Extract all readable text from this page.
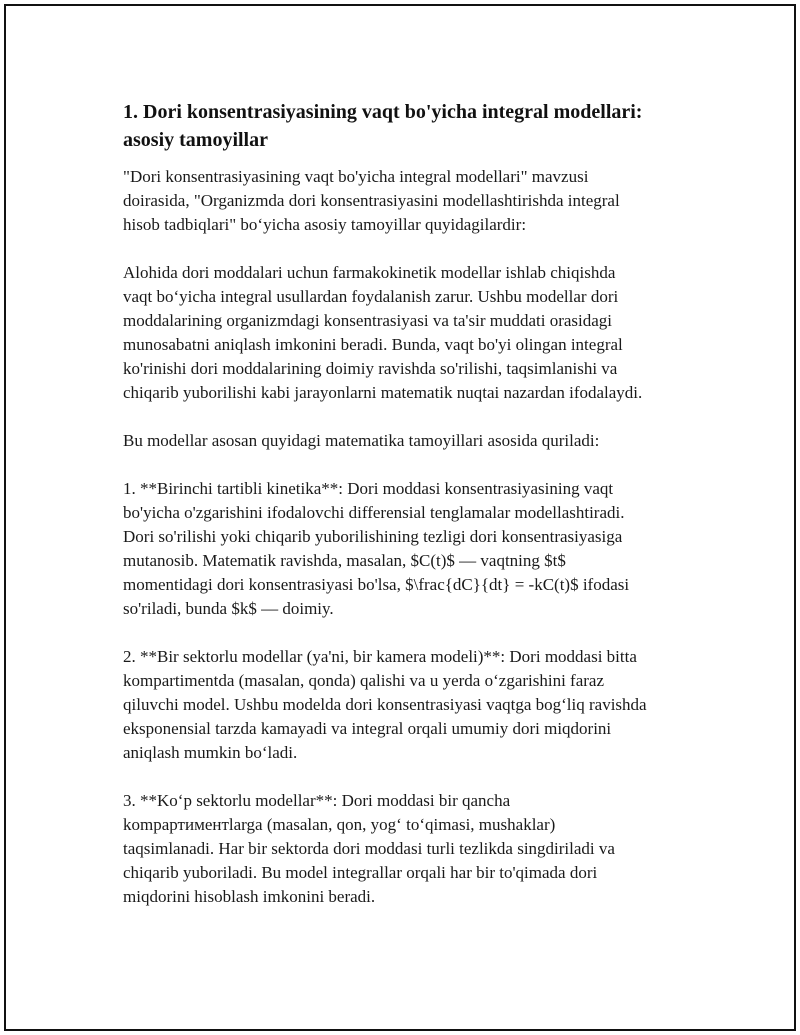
1. Dori konsentrasiyasining vaqt bo'yicha integral modellari:
asosiy tamoyillar

"Dori konsentrasiyasining vaqt bo'yicha integral modellari" mavzusi
doirasida, "Organizmda dori konsentrasiyasini modellashtirishda integral
hisob tadbiqlari" bo‘yicha asosiy tamoyillar quyidagilardir:

Alohida dori moddalari uchun farmakokinetik modellar ishlab chiqishda
vaqt bo‘yicha integral usullardan foydalanish zarur. Ushbu modellar dori
moddalarining organizmdagi konsentrasiyasi va ta'sir muddati orasidagi
munosabatni aniqlash imkonini beradi. Bunda, vaqt bo'yi olingan integral
ko'rinishi dori moddalarining doimiy ravishda so'rilishi, taqsimlanishi va
chiqarib yuborilishi kabi jarayonlarni matematik nuqtai nazardan ifodalaydi.

Bu modellar asosan quyidagi matematika tamoyillari asosida quriladi:

1. **Birinchi tartibli kinetika**: Dori moddasi konsentrasiyasining vaqt
bo'yicha o'zgarishini ifodalovchi differensial tenglamalar modellashtiradi.
Dori so'rilishi yoki chiqarib yuborilishining tezligi dori konsentrasiyasiga
mutanosib. Matematik ravishda, masalan, $C(t)$ — vaqtning $t$
momentidagi dori konsentrasiyasi bo'lsa, $\frac{dC}{dt} = -kC(t)$ ifodasi
so'riladi, bunda $k$ — doimiy.

2. **Bir sektorlu modellar (ya'ni, bir kamera modeli)**: Dori moddasi bitta
kompartimentda (masalan, qonda) qalishi va u yerda o‘zgarishini faraz
qiluvchi model. Ushbu modelda dori konsentrasiyasi vaqtga bog‘liq ravishda
eksponensial tarzda kamayadi va integral orqali umumiy dori miqdorini
aniqlash mumkin bo‘ladi.

3. **Ko‘p sektorlu modellar**: Dori moddasi bir qancha
kompартиментlarga (masalan, qon, yog‘ to‘qimasi, mushaklar)
taqsimlanadi. Har bir sektorda dori moddasi turli tezlikda singdiriladi va
chiqarib yuboriladi. Bu model integrallar orqali har bir to'qimada dori
miqdorini hisoblash imkonini beradi.
